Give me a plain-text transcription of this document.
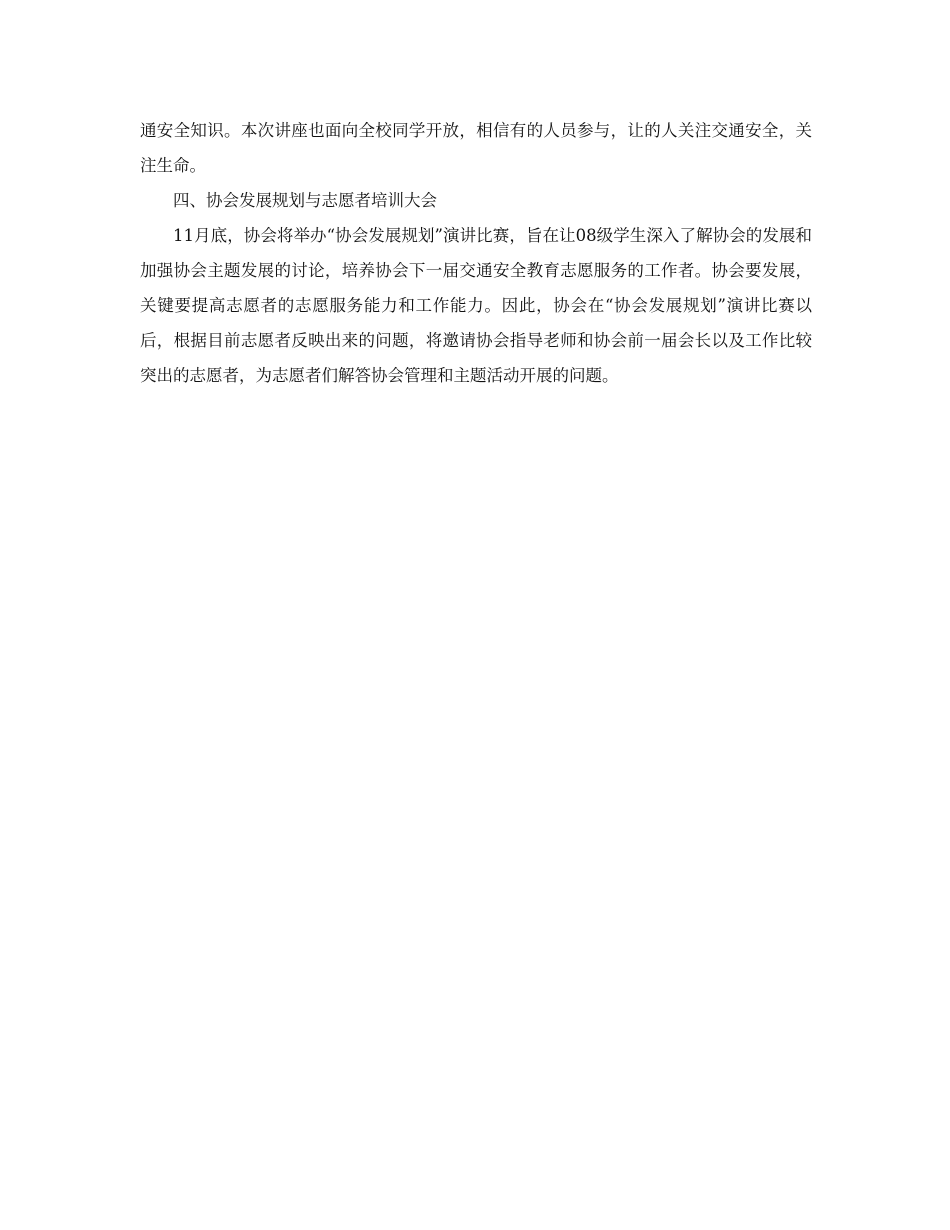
通安全知识。本次讲座也面向全校同学开放，相信有的人员参与，让的人关注交通安全，关注生命。

四、协会发展规划与志愿者培训大会

11月底，协会将举办“协会发展规划”演讲比赛，旨在让08级学生深入了解协会的发展和加强协会主题发展的讨论，培养协会下一届交通安全教育志愿服务的工作者。协会要发展，关键要提高志愿者的志愿服务能力和工作能力。因此，协会在“协会发展规划”演讲比赛以后，根据目前志愿者反映出来的问题，将邀请协会指导老师和协会前一届会长以及工作比较突出的志愿者，为志愿者们解答协会管理和主题活动开展的问题。
